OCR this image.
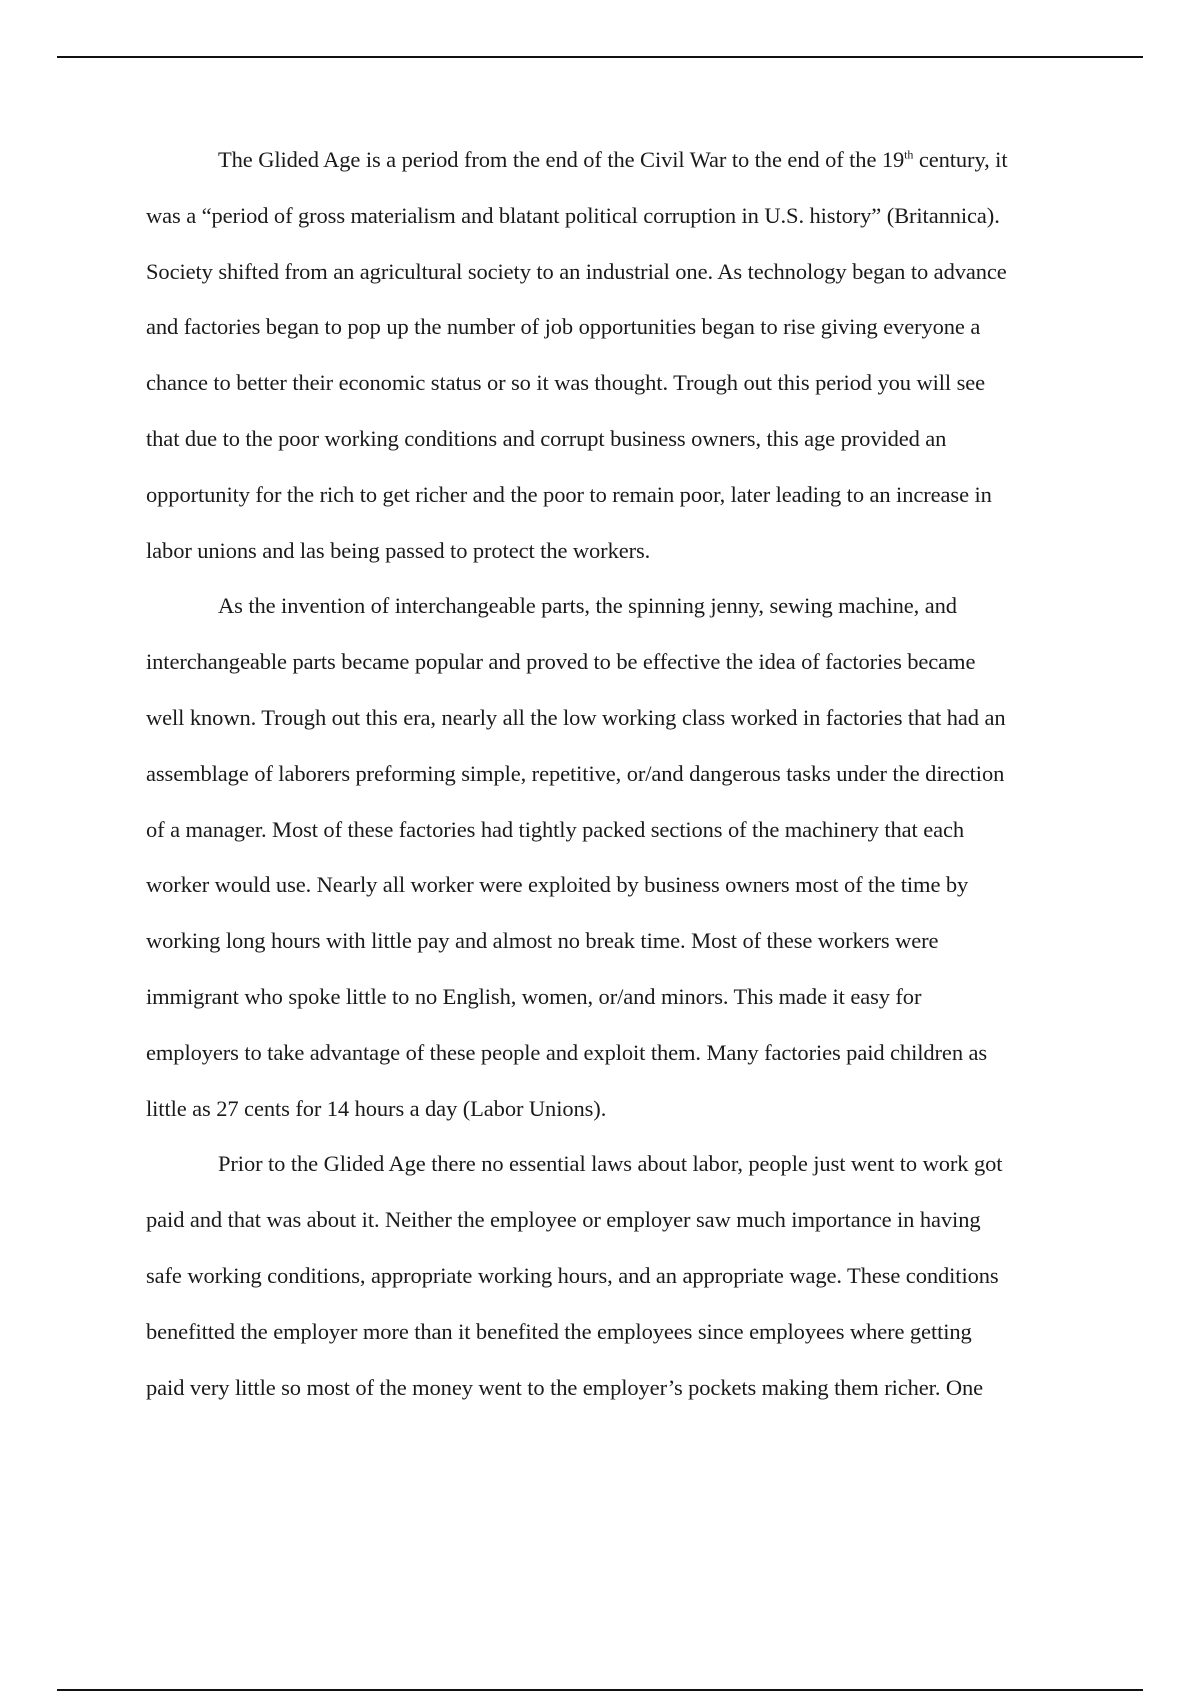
The Glided Age is a period from the end of the Civil War to the end of the 19th century, it
was a “period of gross materialism and blatant political corruption in U.S. history” (Britannica).
Society shifted from an agricultural society to an industrial one. As technology began to advance
and factories began to pop up the number of job opportunities began to rise giving everyone a
chance to better their economic status or so it was thought. Trough out this period you will see
that due to the poor working conditions and corrupt business owners, this age provided an
opportunity for the rich to get richer and the poor to remain poor, later leading to an increase in
labor unions and las being passed to protect the workers.
As the invention of interchangeable parts, the spinning jenny, sewing machine, and
interchangeable parts became popular and proved to be effective the idea of factories became
well known. Trough out this era, nearly all the low working class worked in factories that had an
assemblage of laborers preforming simple, repetitive, or/and dangerous tasks under the direction
of a manager. Most of these factories had tightly packed sections of the machinery that each
worker would use. Nearly all worker were exploited by business owners most of the time by
working long hours with little pay and almost no break time. Most of these workers were
immigrant who spoke little to no English, women, or/and minors. This made it easy for
employers to take advantage of these people and exploit them. Many factories paid children as
little as 27 cents for 14 hours a day (Labor Unions).
Prior to the Glided Age there no essential laws about labor, people just went to work got
paid and that was about it. Neither the employee or employer saw much importance in having
safe working conditions, appropriate working hours, and an appropriate wage. These conditions
benefitted the employer more than it benefited the employees since employees where getting
paid very little so most of the money went to the employer’s pockets making them richer. One
